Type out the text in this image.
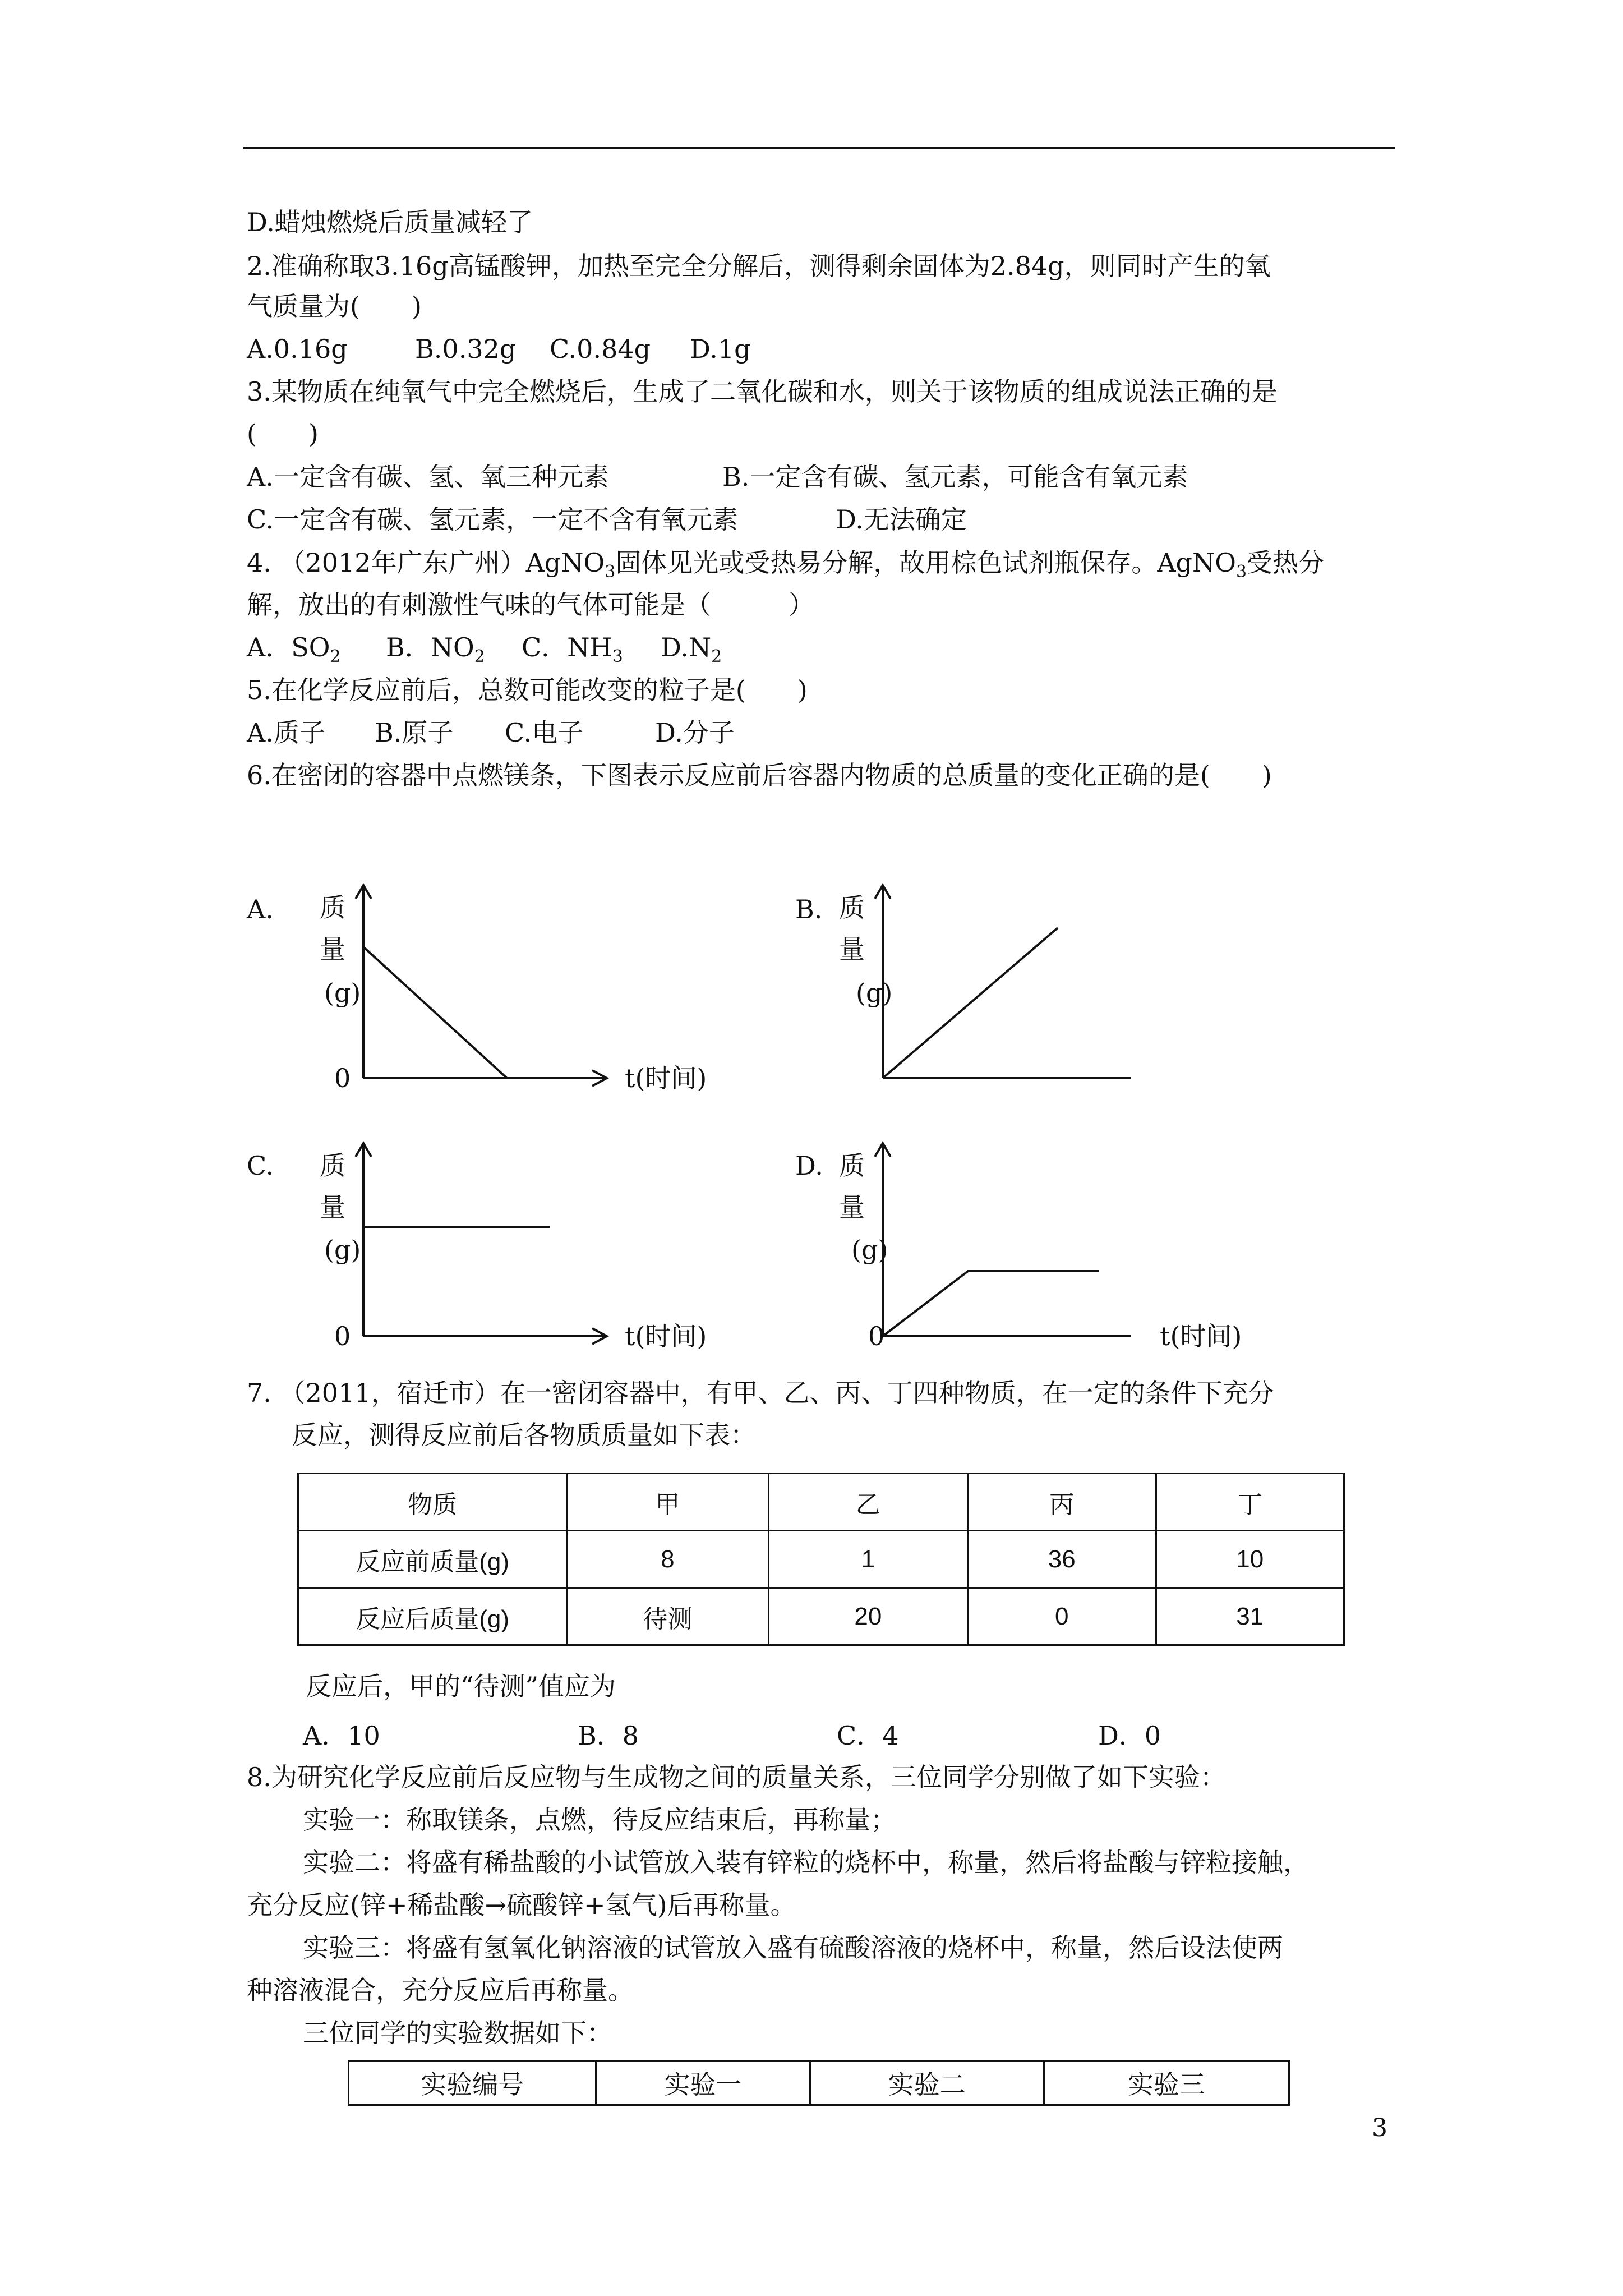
D.蜡烛燃烧后质量减轻了
2.准确称取3.16g高锰酸钾，加热至完全分解后，测得剩余固体为2.84g，则同时产生的氧
气质量为(　　)
A.0.16g	B.0.32g C.0.84g D.1g
3.某物质在纯氧气中完全燃烧后，生成了二氧化碳和水，则关于该物质的组成说法正确的是
(　　)
A.一定含有碳、氢、氧三种元素	B.一定含有碳、氢元素，可能含有氧元素
C.一定含有碳、氢元素，一定不含有氧元素	D.无法确定
4. （2012年广东广州）AgNO$_3$固体见光或受热易分解，故用棕色试剂瓶保存。AgNO$_3$受热分
解，放出的有刺激性气味的气体可能是（　　　）
A．$SO_2$ B．$NO_2$ C．$NH_3$ $D.N_2$
5.在化学反应前后，总数可能改变的粒子是(　　)
A.质子 B.原子 C.电子	D.分子
6.在密闭的容器中点燃镁条，下图表示反应前后容器内物质的总质量的变化正确的是(　　)
A. 质
量
(g)
0	t(时间)
B. 质
量
(g)
C. 质
量
(g)
0	t(时间)
D. 质
量
(g)
0	t(时间)
7. （2011，宿迁市）在一密闭容器中，有甲、乙、丙、丁四种物质，在一定的条件下充分
反应，测得反应前后各物质质量如下表：
物质	甲	乙	丙	丁
反应前质量(g)	8	1	36	10
反应后质量(g)	待测	20	0	31
反应后，甲的“待测”值应为
A．10	B．8	C．4	D．0
8.为研究化学反应前后反应物与生成物之间的质量关系，三位同学分别做了如下实验：
实验一：称取镁条，点燃，待反应结束后，再称量；
实验二：将盛有稀盐酸的小试管放入装有锌粒的烧杯中，称量，然后将盐酸与锌粒接触，
充分反应(锌+稀盐酸→硫酸锌+氢气)后再称量。
实验三：将盛有氢氧化钠溶液的试管放入盛有硫酸溶液的烧杯中，称量，然后设法使两
种溶液混合，充分反应后再称量。
三位同学的实验数据如下：
实验编号	实验一	实验二	实验三
3
